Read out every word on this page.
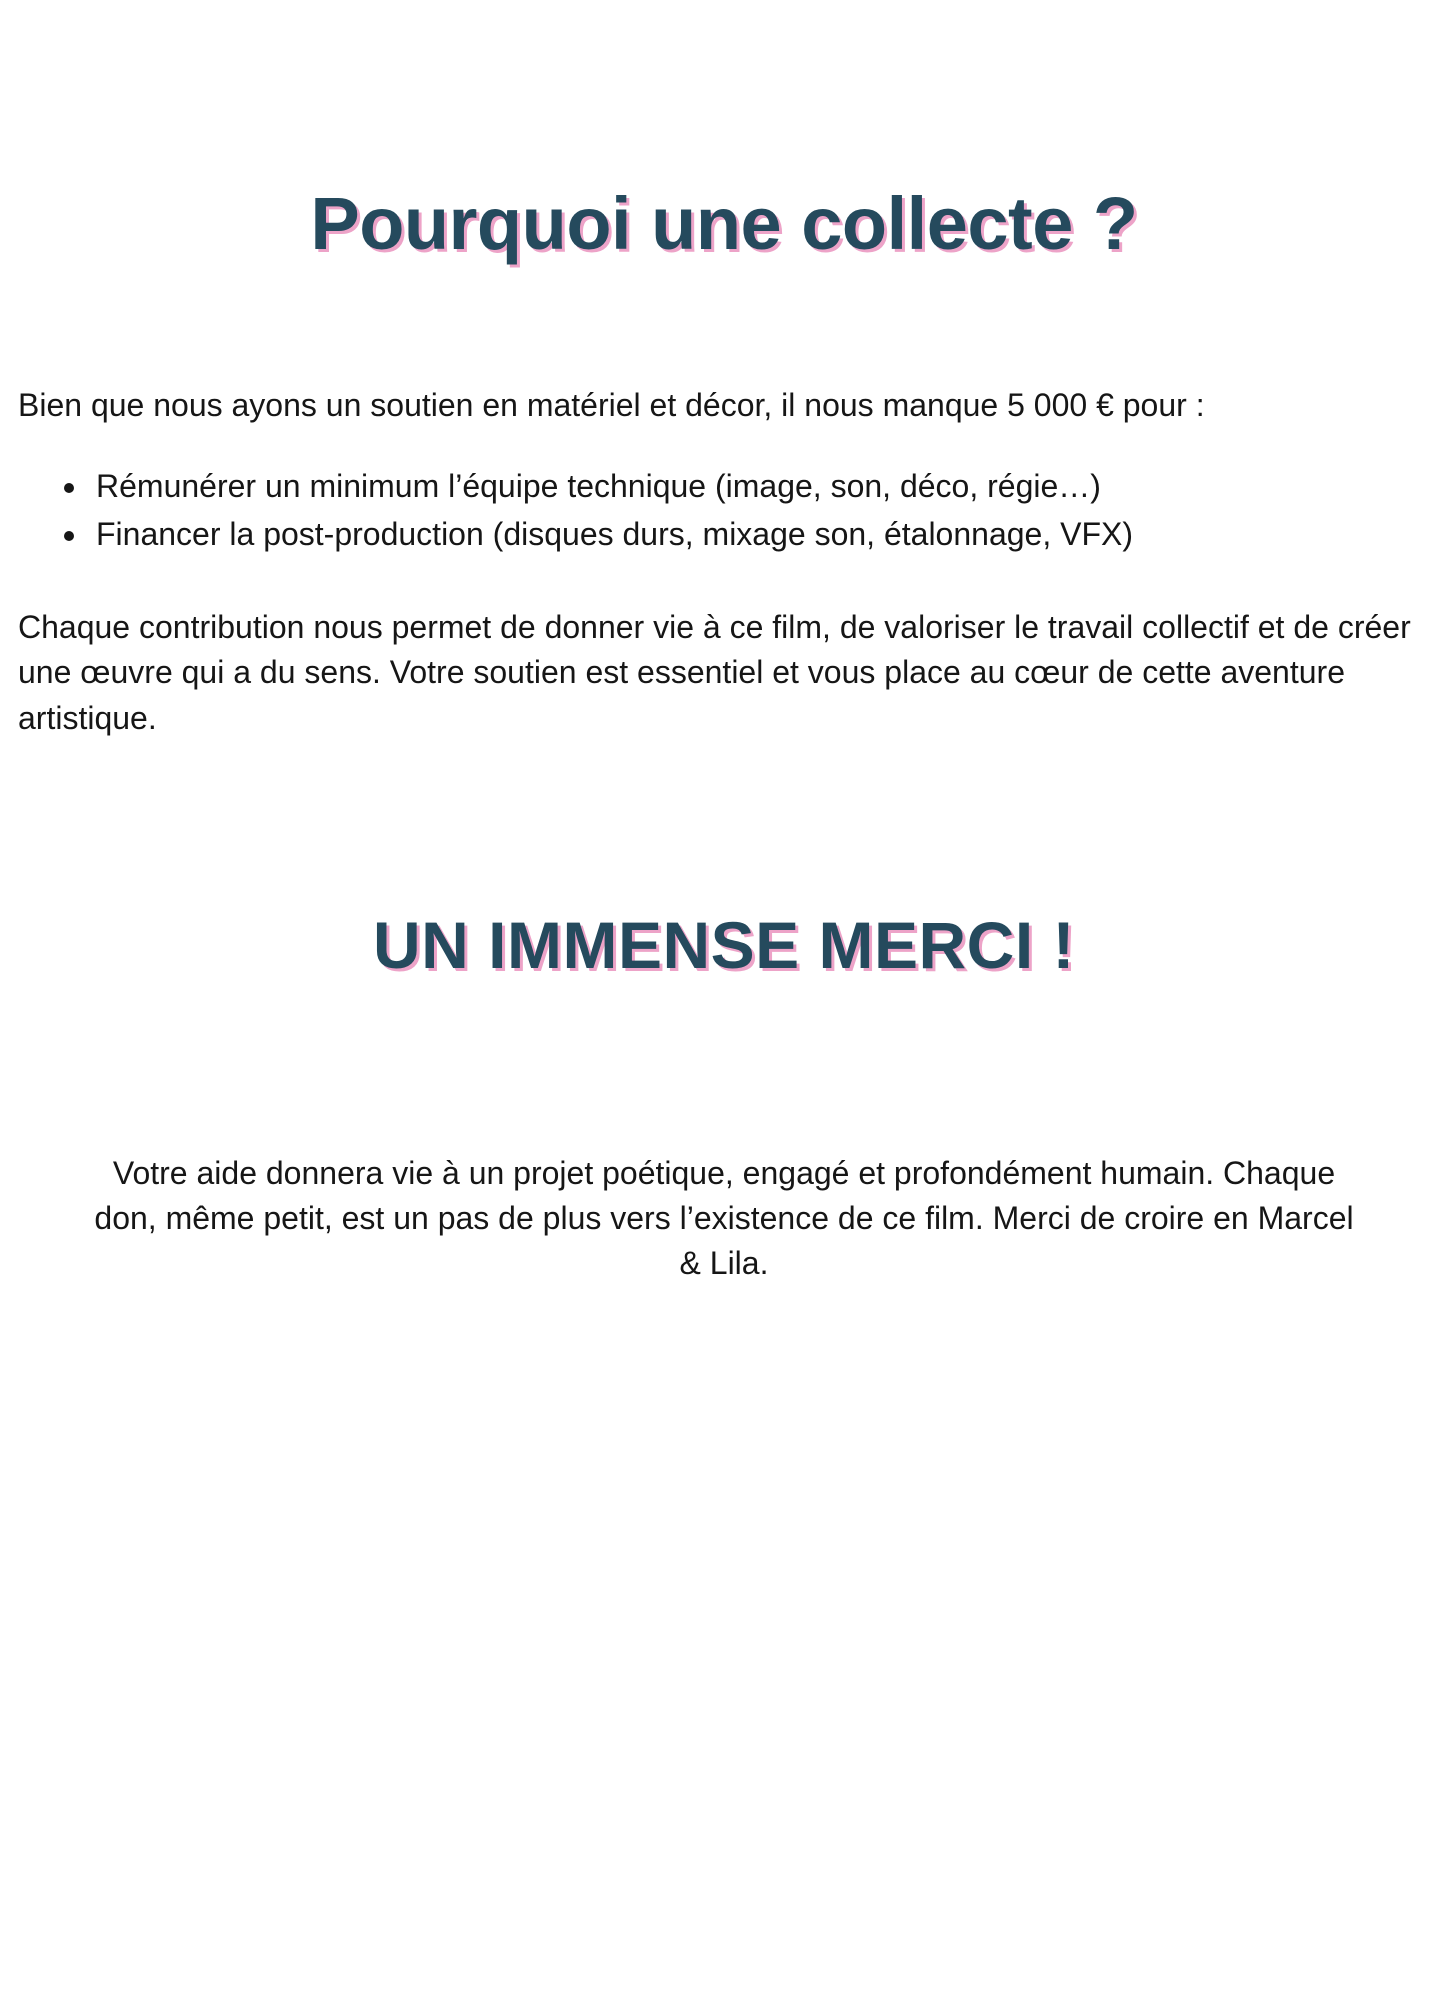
Pourquoi une collecte ?

Bien que nous ayons un soutien en matériel et décor, il nous manque 5 000 € pour :

• Rémunérer un minimum l’équipe technique (image, son, déco, régie…)
• Financer la post-production (disques durs, mixage son, étalonnage, VFX)

Chaque contribution nous permet de donner vie à ce film, de valoriser le travail collectif et de créer une œuvre qui a du sens. Votre soutien est essentiel et vous place au cœur de cette aventure artistique.

UN IMMENSE MERCI !

Votre aide donnera vie à un projet poétique, engagé et profondément humain. Chaque don, même petit, est un pas de plus vers l’existence de ce film. Merci de croire en Marcel & Lila.
